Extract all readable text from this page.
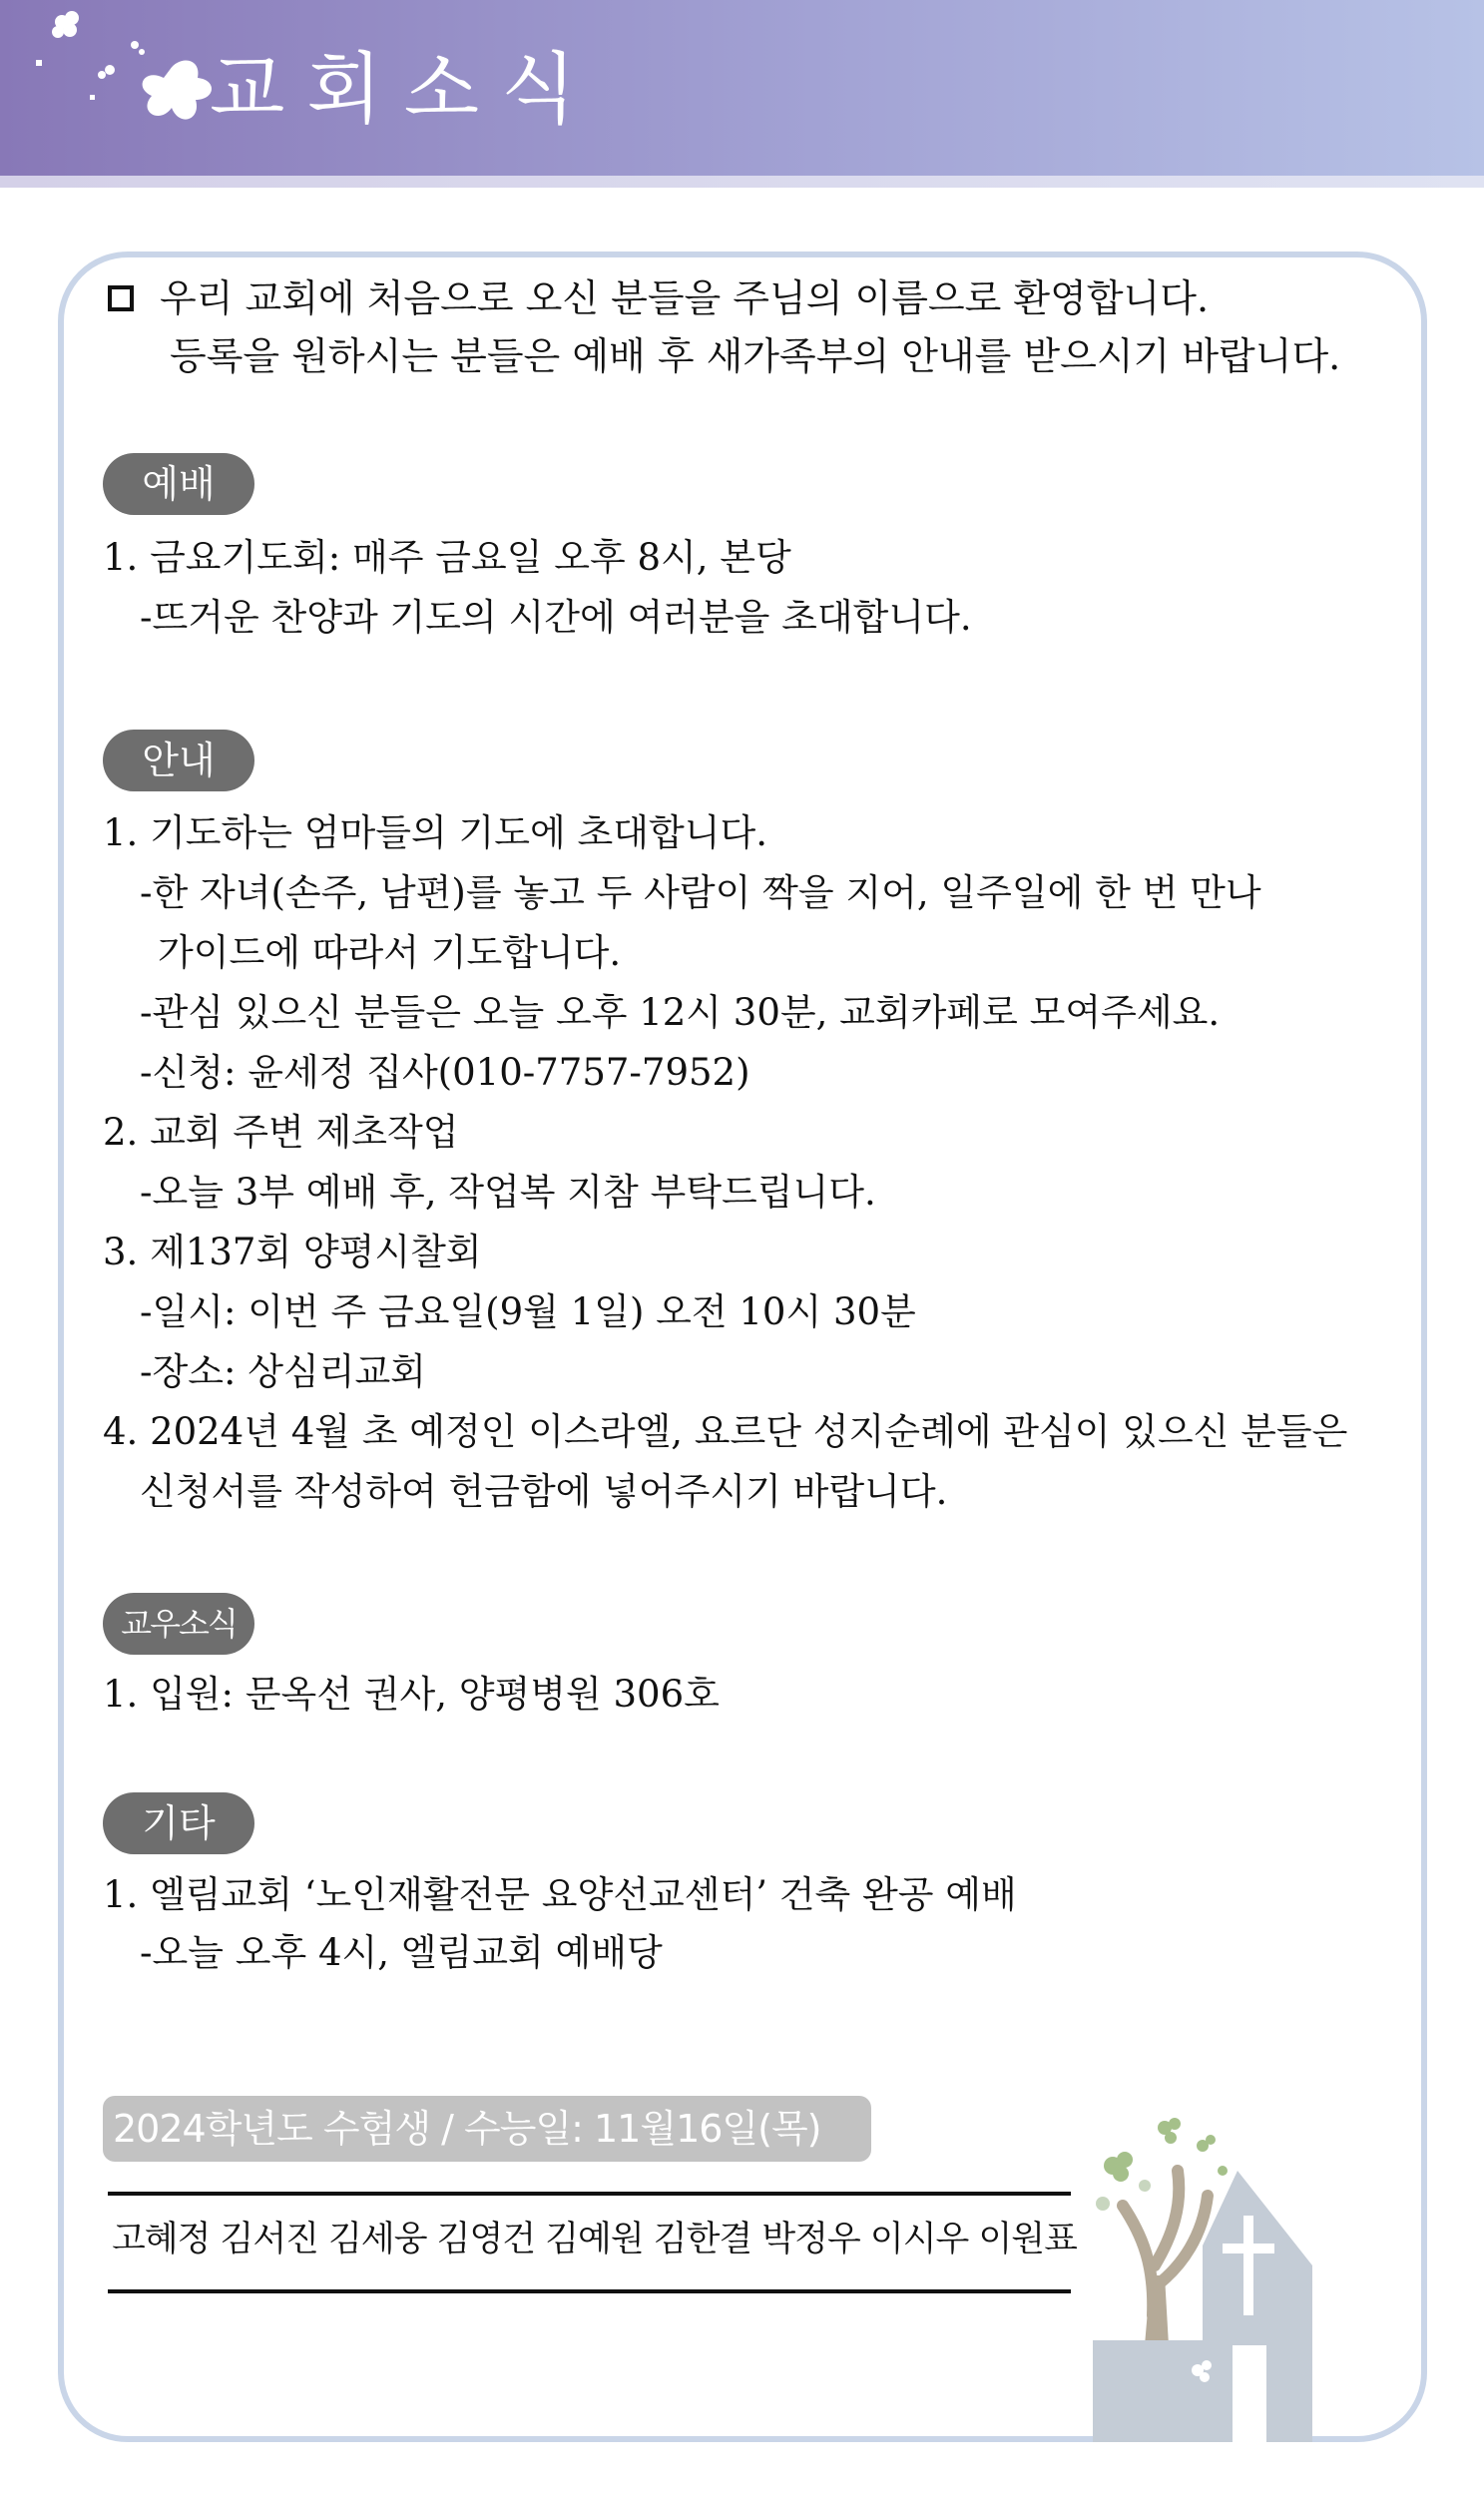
교회소식
우리 교회에 처음으로 오신 분들을 주님의 이름으로 환영합니다.
등록을 원하시는 분들은 예배 후 새가족부의 안내를 받으시기 바랍니다.
예배
1. 금요기도회: 매주 금요일 오후 8시, 본당
-뜨거운 찬양과 기도의 시간에 여러분을 초대합니다.
안내
1. 기도하는 엄마들의 기도에 초대합니다.
-한 자녀(손주, 남편)를 놓고 두 사람이 짝을 지어, 일주일에 한 번 만나
가이드에 따라서 기도합니다.
-관심 있으신 분들은 오늘 오후 12시 30분, 교회카페로 모여주세요.
-신청: 윤세정 집사(010-7757-7952)
2. 교회 주변 제초작업
-오늘 3부 예배 후, 작업복 지참 부탁드립니다.
3. 제137회 양평시찰회
-일시: 이번 주 금요일(9월 1일) 오전 10시 30분
-장소: 상심리교회
4. 2024년 4월 초 예정인 이스라엘, 요르단 성지순례에 관심이 있으신 분들은
신청서를 작성하여 헌금함에 넣어주시기 바랍니다.
교우소식
1. 입원: 문옥선 권사, 양평병원 306호
기타
1. 엘림교회 ‘노인재활전문 요양선교센터’ 건축 완공 예배
-오늘 오후 4시, 엘림교회 예배당
2024학년도 수험생 / 수능일: 11월16일(목)
고혜정 김서진 김세웅 김영건 김예원 김한결 박정우 이시우 이원표
